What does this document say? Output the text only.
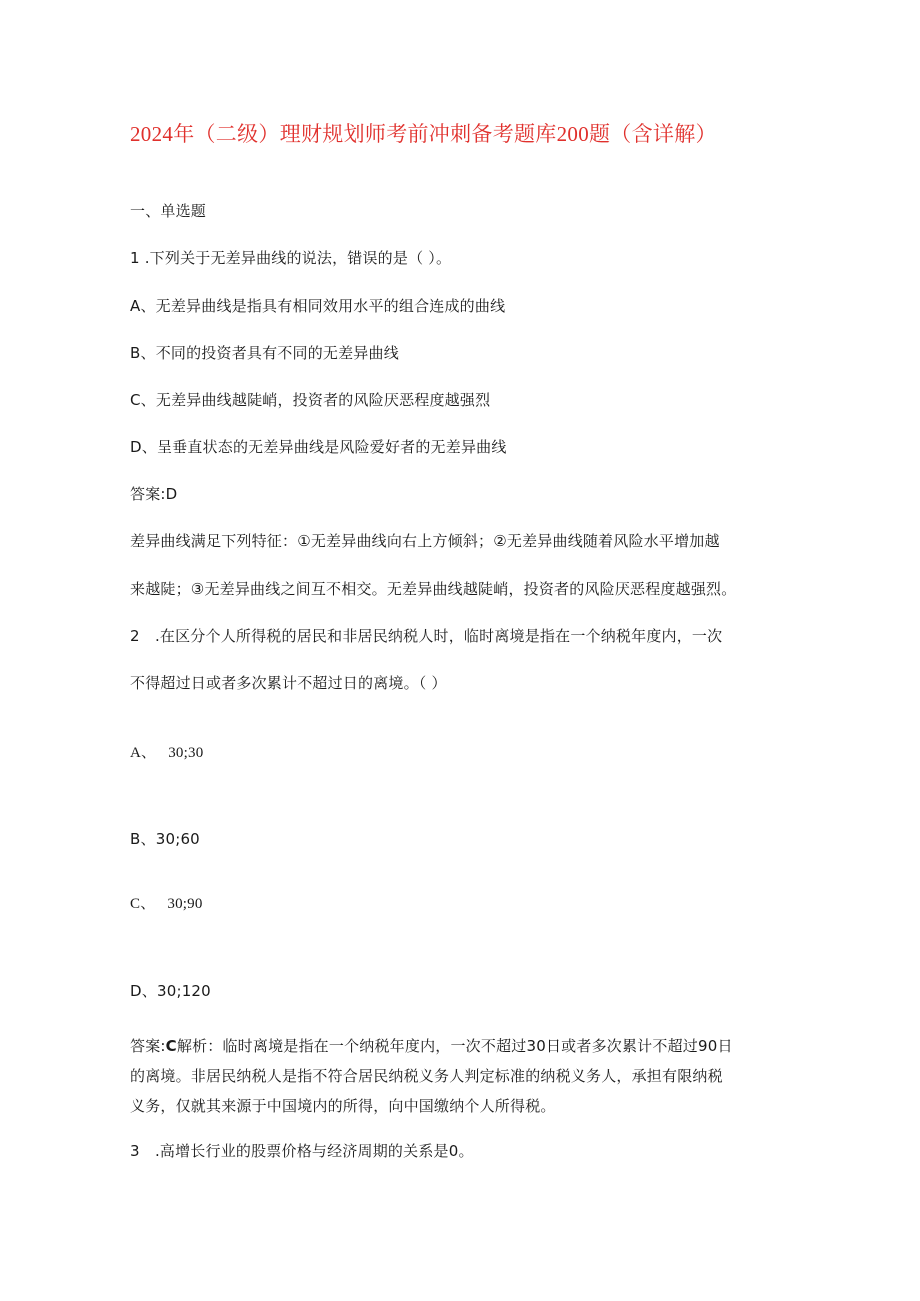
2024年（二级）理财规划师考前冲刺备考题库200题（含详解）
一、单选题
1 .下列关于无差异曲线的说法，错误的是（ ）。
A、无差异曲线是指具有相同效用水平的组合连成的曲线
B、不同的投资者具有不同的无差异曲线
C、无差异曲线越陡峭，投资者的风险厌恶程度越强烈
D、呈垂直状态的无差异曲线是风险爱好者的无差异曲线
答案:D
差异曲线满足下列特征：①无差异曲线向右上方倾斜；②无差异曲线随着风险水平增加越
来越陡；③无差异曲线之间互不相交。无差异曲线越陡峭，投资者的风险厌恶程度越强烈。
2　.在区分个人所得税的居民和非居民纳税人时，临时离境是指在一个纳税年度内，一次
不得超过日或者多次累计不超过日的离境。（ ）
A、 30;30
B、30;60
C、 30;90
D、30;120
答案:C解析：临时离境是指在一个纳税年度内，一次不超过30日或者多次累计不超过90日
的离境。非居民纳税人是指不符合居民纳税义务人判定标准的纳税义务人，承担有限纳税
义务，仅就其来源于中国境内的所得，向中国缴纳个人所得税。
3　.高增长行业的股票价格与经济周期的关系是0。
